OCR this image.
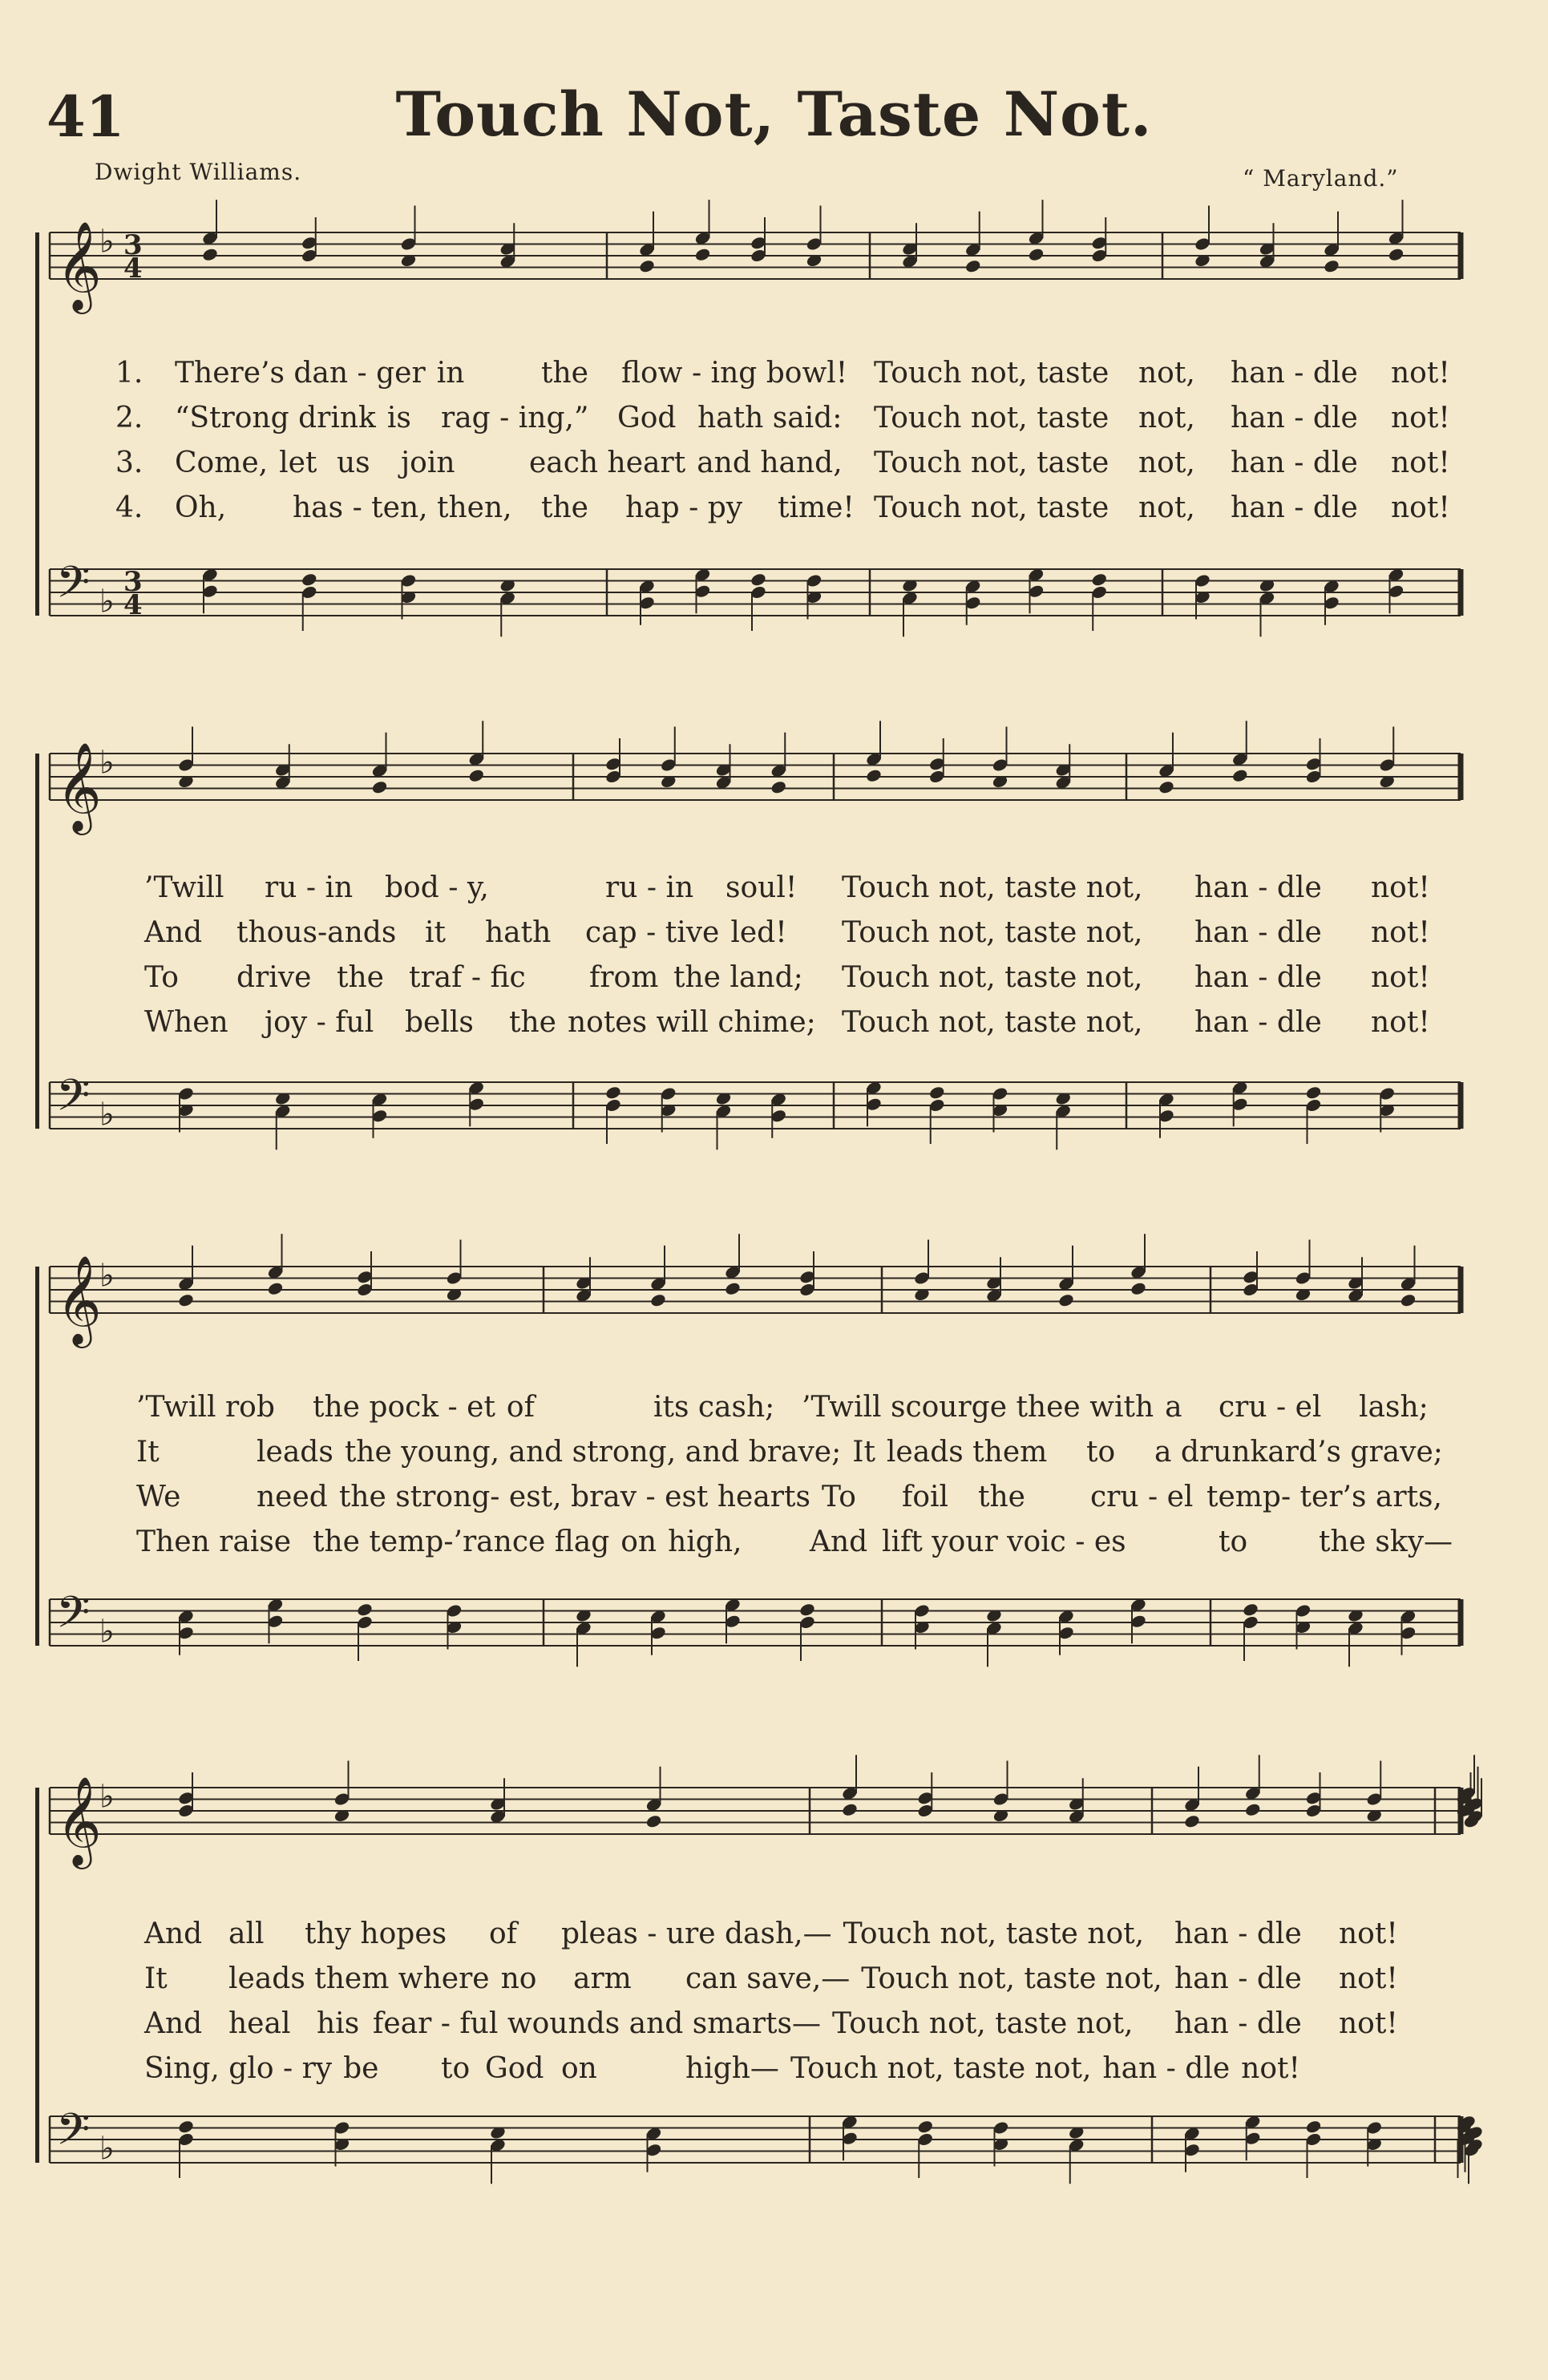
41	Touch Not, Taste Not.
Dwight Williams.	“ Maryland.”
𝄞
♭ 3
4
𝄢 ♭
3
4
1. There’s dan - ger in	the flow - ing bowl! Touch not, taste not, han - dle not!
2. “Strong drink is rag - ing,” God hath said: Touch not, taste not, han - dle not!
3. Come, let us join	each heart and hand, Touch not, taste not, han - dle not!
4. Oh, has - ten, then, the hap - py time! Touch not, taste not, han - dle not!
𝄞
♭
𝄢 ♭
’Twill ru - in bod - y,	ru - in soul! Touch not, taste not, han - dle not!
And thous-ands it hath cap - tive led! Touch not, taste not, han - dle not!
To drive the traf - fic from the land; Touch not, taste not, han - dle not!
When joy - ful bells the notes will chime; Touch not, taste not, han - dle not!
𝄞
♭
𝄢 ♭
’Twill rob the pock - et of	its cash; ’Twill scourge thee with a cru - el lash;
It	leads the young, and strong, and brave; It leads them to a drunkard’s grave;
We	need the strong- est, brav - est hearts To foil the cru - el temp- ter’s arts,
Then raise the temp-’rance flag on high, And lift your voic - es	to the sky—
𝄞
♭
𝄢 ♭
And all thy hopes of pleas - ure dash,— Touch not, taste not, han - dle not!
It leads them where no arm can save,— Touch not, taste not, han - dle not!
And heal his fear - ful wounds and smarts— Touch not, taste not, han - dle not!
Sing, glo - ry be to God on	high— Touch not, taste not, han - dle not!
